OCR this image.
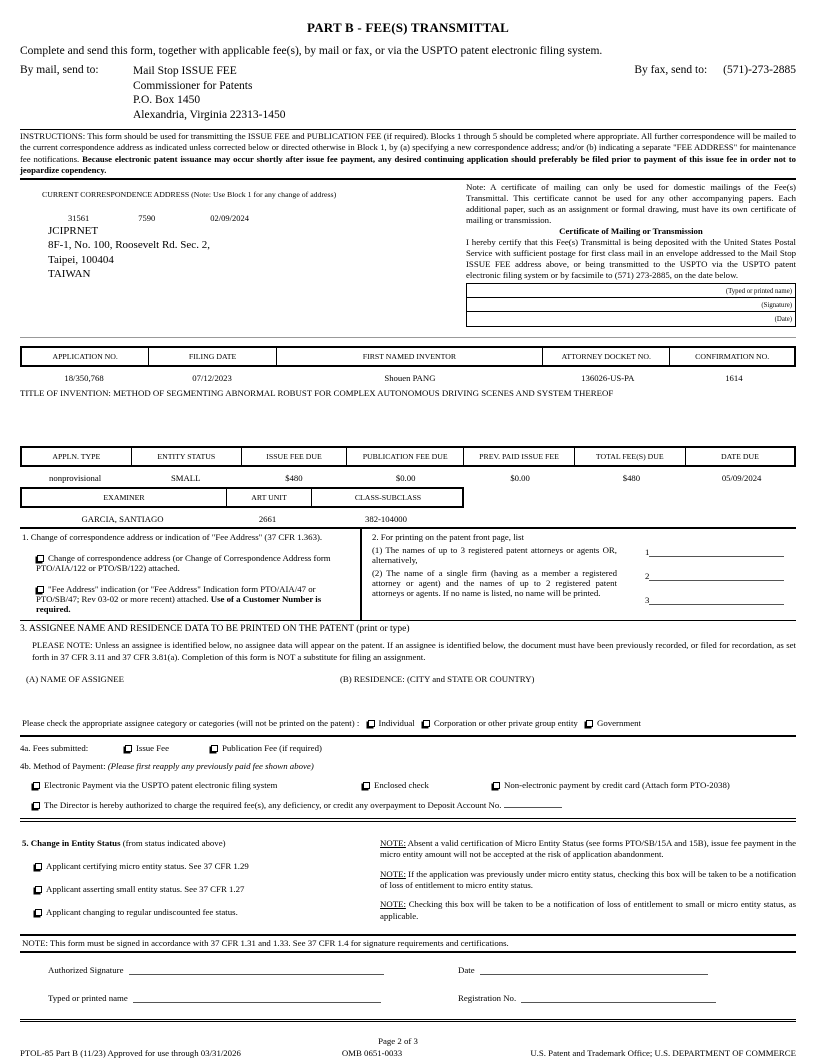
PART B - FEE(S) TRANSMITTAL
Complete and send this form, together with applicable fee(s), by mail or fax, or via the USPTO patent electronic filing system.
By mail, send to:	Mail Stop ISSUE FEE
Commissioner for Patents
P.O. Box 1450
Alexandria, Virginia 22313-1450
By fax, send to: (571)-273-2885
INSTRUCTIONS: This form should be used for transmitting the ISSUE FEE and PUBLICATION FEE (if required). Blocks 1 through 5 should be completed where appropriate. All further correspondence will be mailed to the current correspondence address as indicated unless corrected below or directed otherwise in Block 1, by (a) specifying a new correspondence address; and/or (b) indicating a separate "FEE ADDRESS" for maintenance fee notifications. Because electronic patent issuance may occur shortly after issue fee payment, any desired continuing application should preferably be filed prior to payment of this issue fee in order not to jeopardize copendency.
CURRENT CORRESPONDENCE ADDRESS (Note: Use Block 1 for any change of address)
31561	7590	02/09/2024
JCIPRNET
8F-1, No. 100, Roosevelt Rd. Sec. 2,
Taipei, 100404
TAIWAN
Note: A certificate of mailing can only be used for domestic mailings of the Fee(s) Transmittal. This certificate cannot be used for any other accompanying papers. Each additional paper, such as an assignment or formal drawing, must have its own certificate of mailing or transmission.
Certificate of Mailing or Transmission
I hereby certify that this Fee(s) Transmittal is being deposited with the United States Postal Service with sufficient postage for first class mail in an envelope addressed to the Mail Stop ISSUE FEE address above, or being transmitted to the USPTO via the USPTO patent electronic filing system or by facsimile to (571) 273-2885, on the date below.
(Typed or printed name)
(Signature)
(Date)
APPLICATION NO.	FILING DATE	FIRST NAMED INVENTOR	ATTORNEY DOCKET NO.	CONFIRMATION NO.
18/350,768	07/12/2023	Shouen PANG	136026-US-PA	1614
TITLE OF INVENTION: METHOD OF SEGMENTING ABNORMAL ROBUST FOR COMPLEX AUTONOMOUS DRIVING SCENES AND SYSTEM THEREOF
APPLN. TYPE	ENTITY STATUS	ISSUE FEE DUE	PUBLICATION FEE DUE	PREV. PAID ISSUE FEE	TOTAL FEE(S) DUE	DATE DUE
nonprovisional	SMALL	$480	$0.00	$0.00	$480	05/09/2024
EXAMINER	ART UNIT	CLASS-SUBCLASS
GARCIA, SANTIAGO	2661	382-104000
1. Change of correspondence address or indication of "Fee Address" (37 CFR 1.363).
Change of correspondence address (or Change of Correspondence Address form PTO/AIA/122 or PTO/SB/122) attached.
"Fee Address" indication (or "Fee Address" Indication form PTO/AIA/47 or PTO/SB/47; Rev 03-02 or more recent) attached. Use of a Customer Number is required.
2. For printing on the patent front page, list

(1) The names of up to 3 registered patent attorneys or agents OR, alternatively,

(2) The name of a single firm (having as a member a registered attorney or agent) and the names of up to 2 registered patent attorneys or agents. If no name is listed, no name will be printed.

1
2
3
3. ASSIGNEE NAME AND RESIDENCE DATA TO BE PRINTED ON THE PATENT (print or type)
PLEASE NOTE: Unless an assignee is identified below, no assignee data will appear on the patent. If an assignee is identified below, the document must have been previously recorded, or filed for recordation, as set forth in 37 CFR 3.11 and 37 CFR 3.81(a). Completion of this form is NOT a substitute for filing an assignment.
(A) NAME OF ASSIGNEE	(B) RESIDENCE: (CITY and STATE OR COUNTRY)
Please check the appropriate assignee category or categories (will not be printed on the patent) : Individual Corporation or other private group entity Government
4a. Fees submitted:	Issue Fee	Publication Fee (if required)
4b. Method of Payment: (Please first reapply any previously paid fee shown above)
Electronic Payment via the USPTO patent electronic filing system	Enclosed check	Non-electronic payment by credit card (Attach form PTO-2038)
The Director is hereby authorized to charge the required fee(s), any deficiency, or credit any overpayment to Deposit Account No.
5. Change in Entity Status (from status indicated above)
Applicant certifying micro entity status. See 37 CFR 1.29
Applicant asserting small entity status. See 37 CFR 1.27
Applicant changing to regular undiscounted fee status.

NOTE: Absent a valid certification of Micro Entity Status (see forms PTO/SB/15A and 15B), issue fee payment in the micro entity amount will not be accepted at the risk of application abandonment.

NOTE: If the application was previously under micro entity status, checking this box will be taken to be a notification of loss of entitlement to micro entity status.

NOTE: Checking this box will be taken to be a notification of loss of entitlement to small or micro entity status, as applicable.

NOTE: This form must be signed in accordance with 37 CFR 1.31 and 1.33. See 37 CFR 1.4 for signature requirements and certifications.
Authorized Signature	Date
Typed or printed name	Registration No.
Page 2 of 3
PTOL-85 Part B (11/23) Approved for use through 03/31/2026	OMB 0651-0033	U.S. Patent and Trademark Office; U.S. DEPARTMENT OF COMMERCE
